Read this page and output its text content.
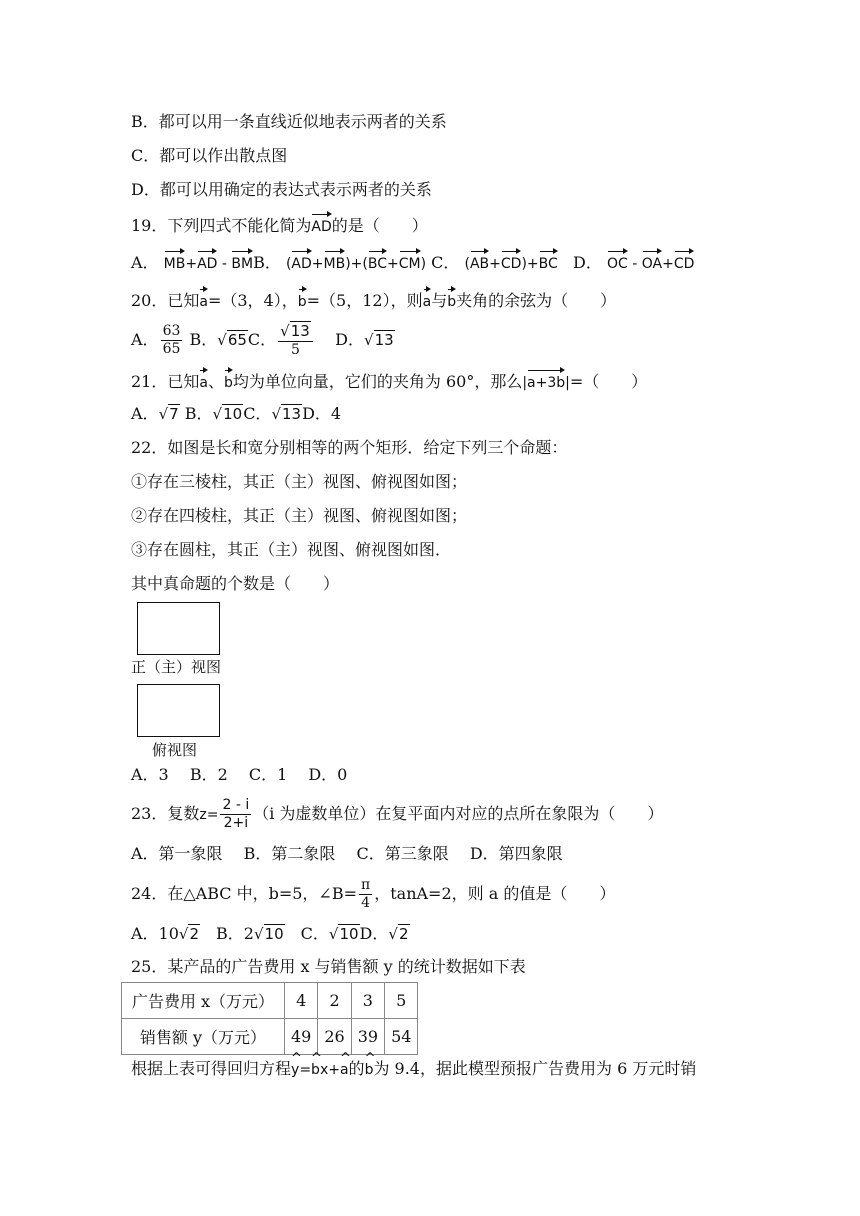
B．都可以用一条直线近似地表示两者的关系
C．都可以作出散点图
D．都可以用确定的表达式表示两者的关系
19．下列四式不能化简为AD的是（　　）
A． MB+AD - BMB． (AD+MB)+(BC+CM) C． (AB+CD)+BC D． OC - OA+CD
20．已知a=（3，4），b=（5，12），则a与b夹角的余弦为（　　）
A． $\frac{63}{65}$ B．√65C． $\frac{√13}{5}$ D．√13
21．已知a、b均为单位向量，它们的夹角为 60°，那么|a+3b|=（　　）
A．√7 B．√10C．√13D．4
22．如图是长和宽分别相等的两个矩形．给定下列三个命题：
①存在三棱柱，其正（主）视图、俯视图如图；
②存在四棱柱，其正（主）视图、俯视图如图；
③存在圆柱，其正（主）视图、俯视图如图．
其中真命题的个数是（　　）
正（主）视图
俯视图
A．3　 B．2　 C．1　 D．0
23．复数$z= \frac{2 - i}{2+i} (i$ 为虚数单位）在复平面内对应的点所在象限为（　　）
A．第一象限　 B．第二象限　 C．第三象限　 D．第四象限
24．在△ABC 中，b=5，∠B= $\frac{\pi}{4}$ ，tanA=2，则 a 的值是（　　）
A．10√2　B．2√10　C．√10D．√2
25．某产品的广告费用 x 与销售额 y 的统计数据如下表
广告费用 x（万元）	4	2	3	5
销售额 y（万元）	49	26	39	54
根据上表可得回归方程^ y=^ bx+^ a的^ b为 9.4，据此模型预报广告费用为 6 万元时销
